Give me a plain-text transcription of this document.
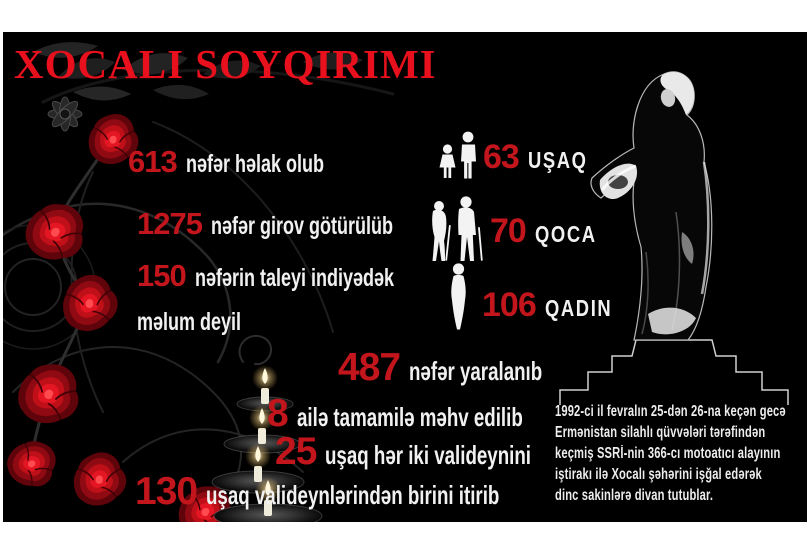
XOCALI SOYQIRIMI
613 nəfər həlak olub
1275 nəfər girov götürülüb
150 nəfərin taleyi indiyədək
məlum deyil
63 UŞAQ
70 QOCA
106 QADIN
487 nəfər yaralanıb
8 ailə tamamilə məhv edilib
25 uşaq hər iki valideynini
130 uşaq valideynlərindən birini itirib
1992-ci il fevralın 25-dən 26-na keçən gecə
Ermənistan silahlı qüvvələri tərəfindən
keçmiş SSRİ-nin 366-cı motoatıcı alayının
iştirakı ilə Xocalı şəhərini işğal edərək
dinc sakinlərə divan tutublar.
